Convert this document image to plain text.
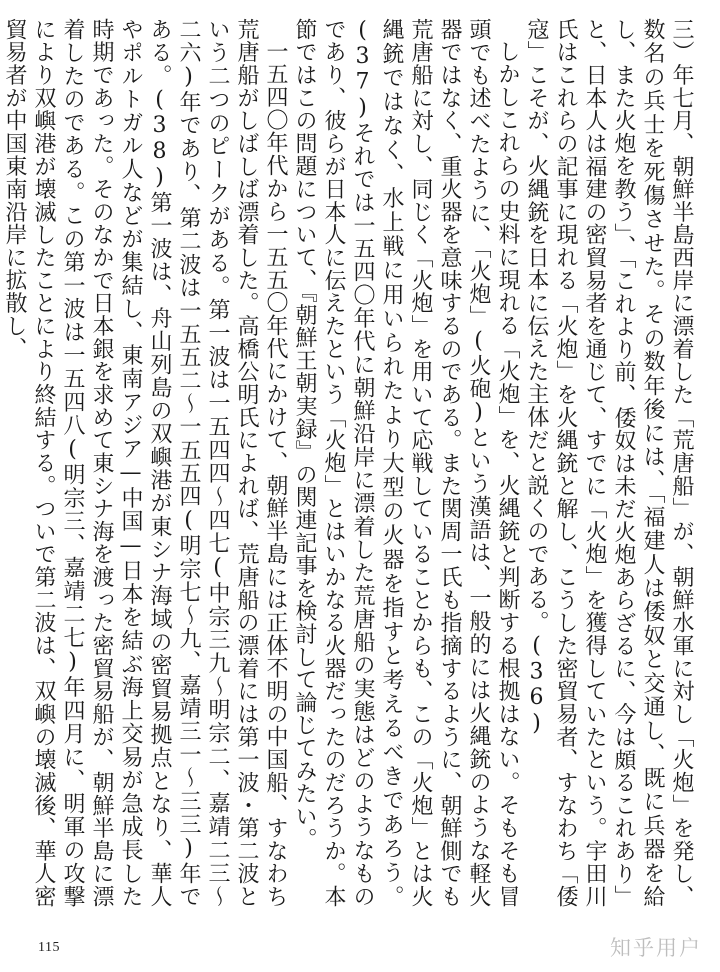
三）年七月、朝鮮半島西岸に漂着した「荒唐船」が、朝鮮水軍に対し「火炮」を発し、数名の兵士を死傷させた。その数年後には、「福建人は倭奴と交通し、既に兵器を給し、また火炮を教う」、「これより前、倭奴は未だ火炮あらざるに、今は頗るこれあり」と、日本人は福建の密貿易者を通じて、すでに「火炮」を獲得していたという。宇田川氏はこれらの記事に現れる「火炮」を火縄銃と解し、こうした密貿易者、すなわち「倭寇」こそが、火縄銃を日本に伝えた主体だと説くのである。(36)

しかしこれらの史料に現れる「火炮」を、火縄銃と判断する根拠はない。そもそも冒頭でも述べたように、「火炮」(火砲)という漢語は、一般的には火縄銃のような軽火器ではなく、重火器を意味するのである。また関周一氏も指摘するように、朝鮮側でも荒唐船に対し、同じく「火炮」を用いて応戦していることからも、この「火炮」とは火縄銃ではなく、水上戦に用いられたより大型の火器を指すと考えるべきであろう。(37)それでは一五四〇年代に朝鮮沿岸に漂着した荒唐船の実態はどのようなものであり、彼らが日本人に伝えたという「火炮」とはいかなる火器だったのだろうか。本節ではこの問題について、『朝鮮王朝実録』の関連記事を検討して論じてみたい。

一五四〇年代から一五五〇年代にかけて、朝鮮半島には正体不明の中国船、すなわち荒唐船がしばしば漂着した。高橋公明氏によれば、荒唐船の漂着には第一波・第二波という二つのピークがある。第一波は一五四四～四七(中宗三九～明宗二、嘉靖二三～二六)年であり、第二波は一五五二～一五五四(明宗七～九、嘉靖三一～三三)年である。(38)第一波は、舟山列島の双嶼港が東シナ海域の密貿易拠点となり、華人やポルトガル人などが集結し、東南アジア—中国—日本を結ぶ海上交易が急成長した時期であった。そのなかで日本銀を求めて東シナ海を渡った密貿易船が、朝鮮半島に漂着したのである。この第一波は一五四八(明宗三、嘉靖二七)年四月に、明軍の攻撃により双嶼港が壊滅したことにより終結する。ついで第二波は、双嶼の壊滅後、華人密貿易者が中国東南沿岸に拡散し、

115	知乎用户
